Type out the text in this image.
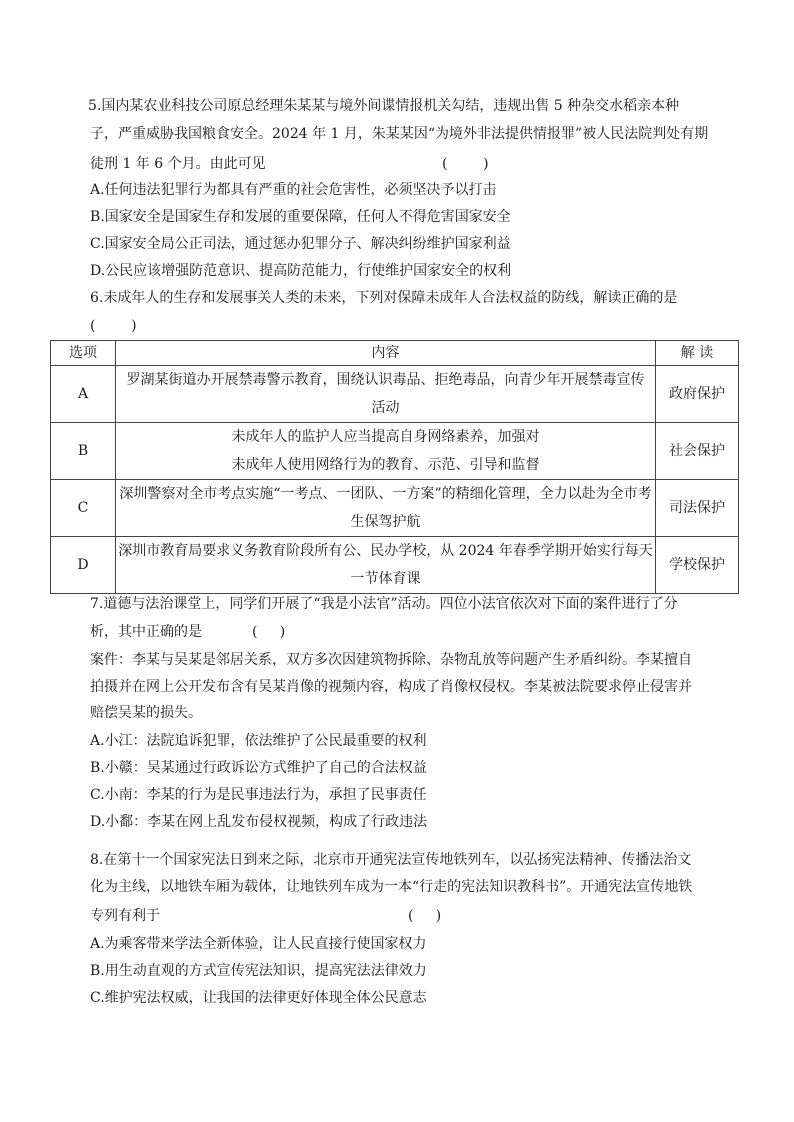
5.国内某农业科技公司原总经理朱某某与境外间谍情报机关勾结，违规出售 5 种杂交水稻亲本种
子，严重威胁我国粮食安全。2024 年 1 月，朱某某因“为境外非法提供情报罪”被人民法院判处有期
徒刑 1 年 6 个月。由此可见	(        )
A.任何违法犯罪行为都具有严重的社会危害性，必须坚决予以打击
B.国家安全是国家生存和发展的重要保障，任何人不得危害国家安全
C.国家安全局公正司法，通过惩办犯罪分子、解决纠纷维护国家利益
D.公民应该增强防范意识、提高防范能力，行使维护国家安全的权利
6.未成年人的生存和发展事关人类的未来，下列对保障未成年人合法权益的防线，解读正确的是
(        )
选项	内容	解 读
A	罗湖某街道办开展禁毒警示教育，围绕认识毒品、拒绝毒品，向青少年开展禁毒宣传
活动	政府保护
B	未成年人的监护人应当提高自身网络素养，加强对
未成年人使用网络行为的教育、示范、引导和监督	社会保护
C	深圳警察对全市考点实施“一考点、一团队、一方案”的精细化管理，全力以赴为全市考
生保驾护航	司法保护
D	深圳市教育局要求义务教育阶段所有公、民办学校，从 2024 年春季学期开始实行每天
一节体育课	学校保护
7.道德与法治课堂上，同学们开展了“我是小法官”活动。四位小法官依次对下面的案件进行了分
析，其中正确的是	(     )
案件：李某与吴某是邻居关系，双方多次因建筑物拆除、杂物乱放等问题产生矛盾纠纷。李某擅自
拍摄并在网上公开发布含有吴某肖像的视频内容，构成了肖像权侵权。李某被法院要求停止侵害并
赔偿吴某的损失。
A.小江：法院追诉犯罪，依法维护了公民最重要的权利
B.小赣：吴某通过行政诉讼方式维护了自己的合法权益
C.小南：李某的行为是民事违法行为，承担了民事责任
D.小鄱：李某在网上乱发布侵权视频，构成了行政违法
8.在第十一个国家宪法日到来之际，北京市开通宪法宣传地铁列车，以弘扬宪法精神、传播法治文
化为主线，以地铁车厢为载体，让地铁列车成为一本“行走的宪法知识教科书”。开通宪法宣传地铁
专列有利于	(     )
A.为乘客带来学法全新体验，让人民直接行使国家权力
B.用生动直观的方式宣传宪法知识，提高宪法法律效力
C.维护宪法权威，让我国的法律更好体现全体公民意志
